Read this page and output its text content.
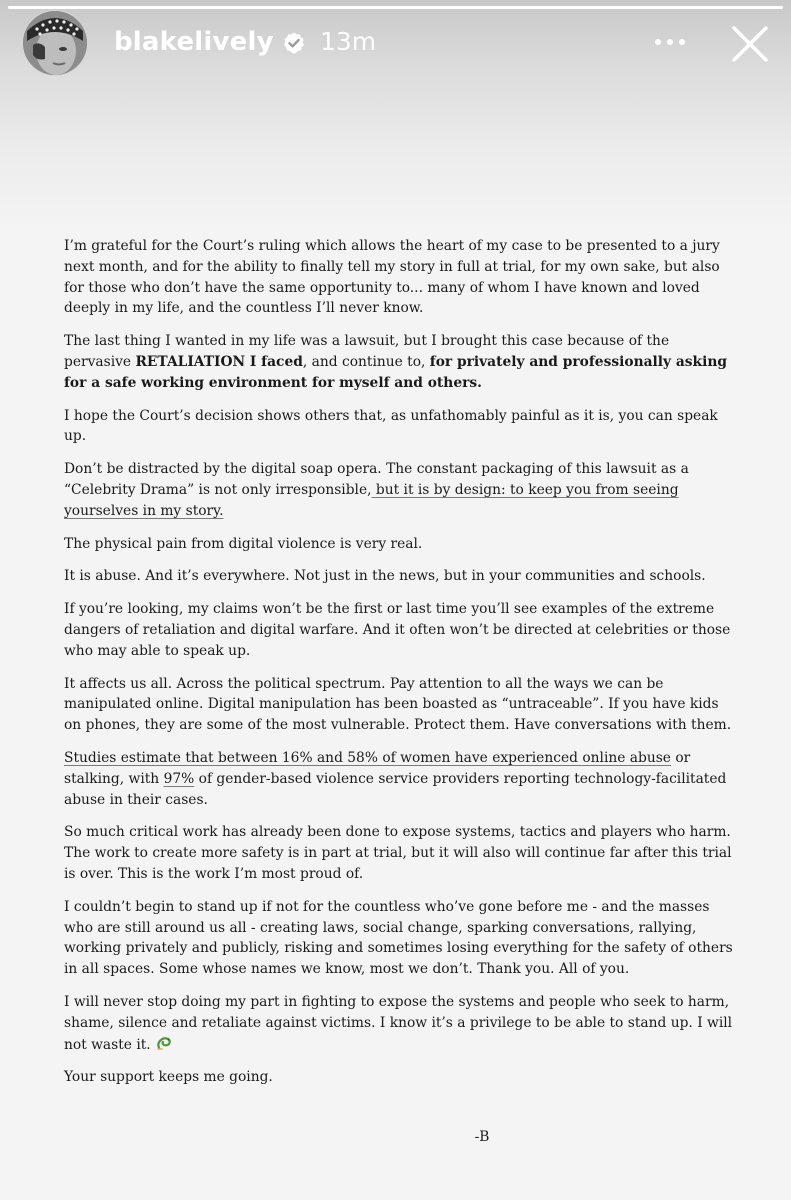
blakelively 13m

I’m grateful for the Court’s ruling which allows the heart of my case to be presented to a jury next month, and for the ability to finally tell my story in full at trial, for my own sake, but also for those who don’t have the same opportunity to... many of whom I have known and loved deeply in my life, and the countless I’ll never know.

The last thing I wanted in my life was a lawsuit, but I brought this case because of the pervasive RETALIATION I faced, and continue to, for privately and professionally asking for a safe working environment for myself and others.

I hope the Court’s decision shows others that, as unfathomably painful as it is, you can speak up.

Don’t be distracted by the digital soap opera. The constant packaging of this lawsuit as a “Celebrity Drama” is not only irresponsible, but it is by design: to keep you from seeing yourselves in my story.

The physical pain from digital violence is very real.

It is abuse. And it’s everywhere. Not just in the news, but in your communities and schools.

If you’re looking, my claims won’t be the first or last time you’ll see examples of the extreme dangers of retaliation and digital warfare. And it often won’t be directed at celebrities or those who may able to speak up.

It affects us all. Across the political spectrum. Pay attention to all the ways we can be manipulated online. Digital manipulation has been boasted as “untraceable”. If you have kids on phones, they are some of the most vulnerable. Protect them. Have conversations with them.

Studies estimate that between 16% and 58% of women have experienced online abuse or stalking, with 97% of gender-based violence service providers reporting technology-facilitated abuse in their cases.

So much critical work has already been done to expose systems, tactics and players who harm. The work to create more safety is in part at trial, but it will also will continue far after this trial is over. This is the work I’m most proud of.

I couldn’t begin to stand up if not for the countless who’ve gone before me - and the masses who are still around us all - creating laws, social change, sparking conversations, rallying, working privately and publicly, risking and sometimes losing everything for the safety of others in all spaces. Some whose names we know, most we don’t. Thank you. All of you.

I will never stop doing my part in fighting to expose the systems and people who seek to harm, shame, silence and retaliate against victims. I know it’s a privilege to be able to stand up. I will not waste it.

Your support keeps me going.

-B
